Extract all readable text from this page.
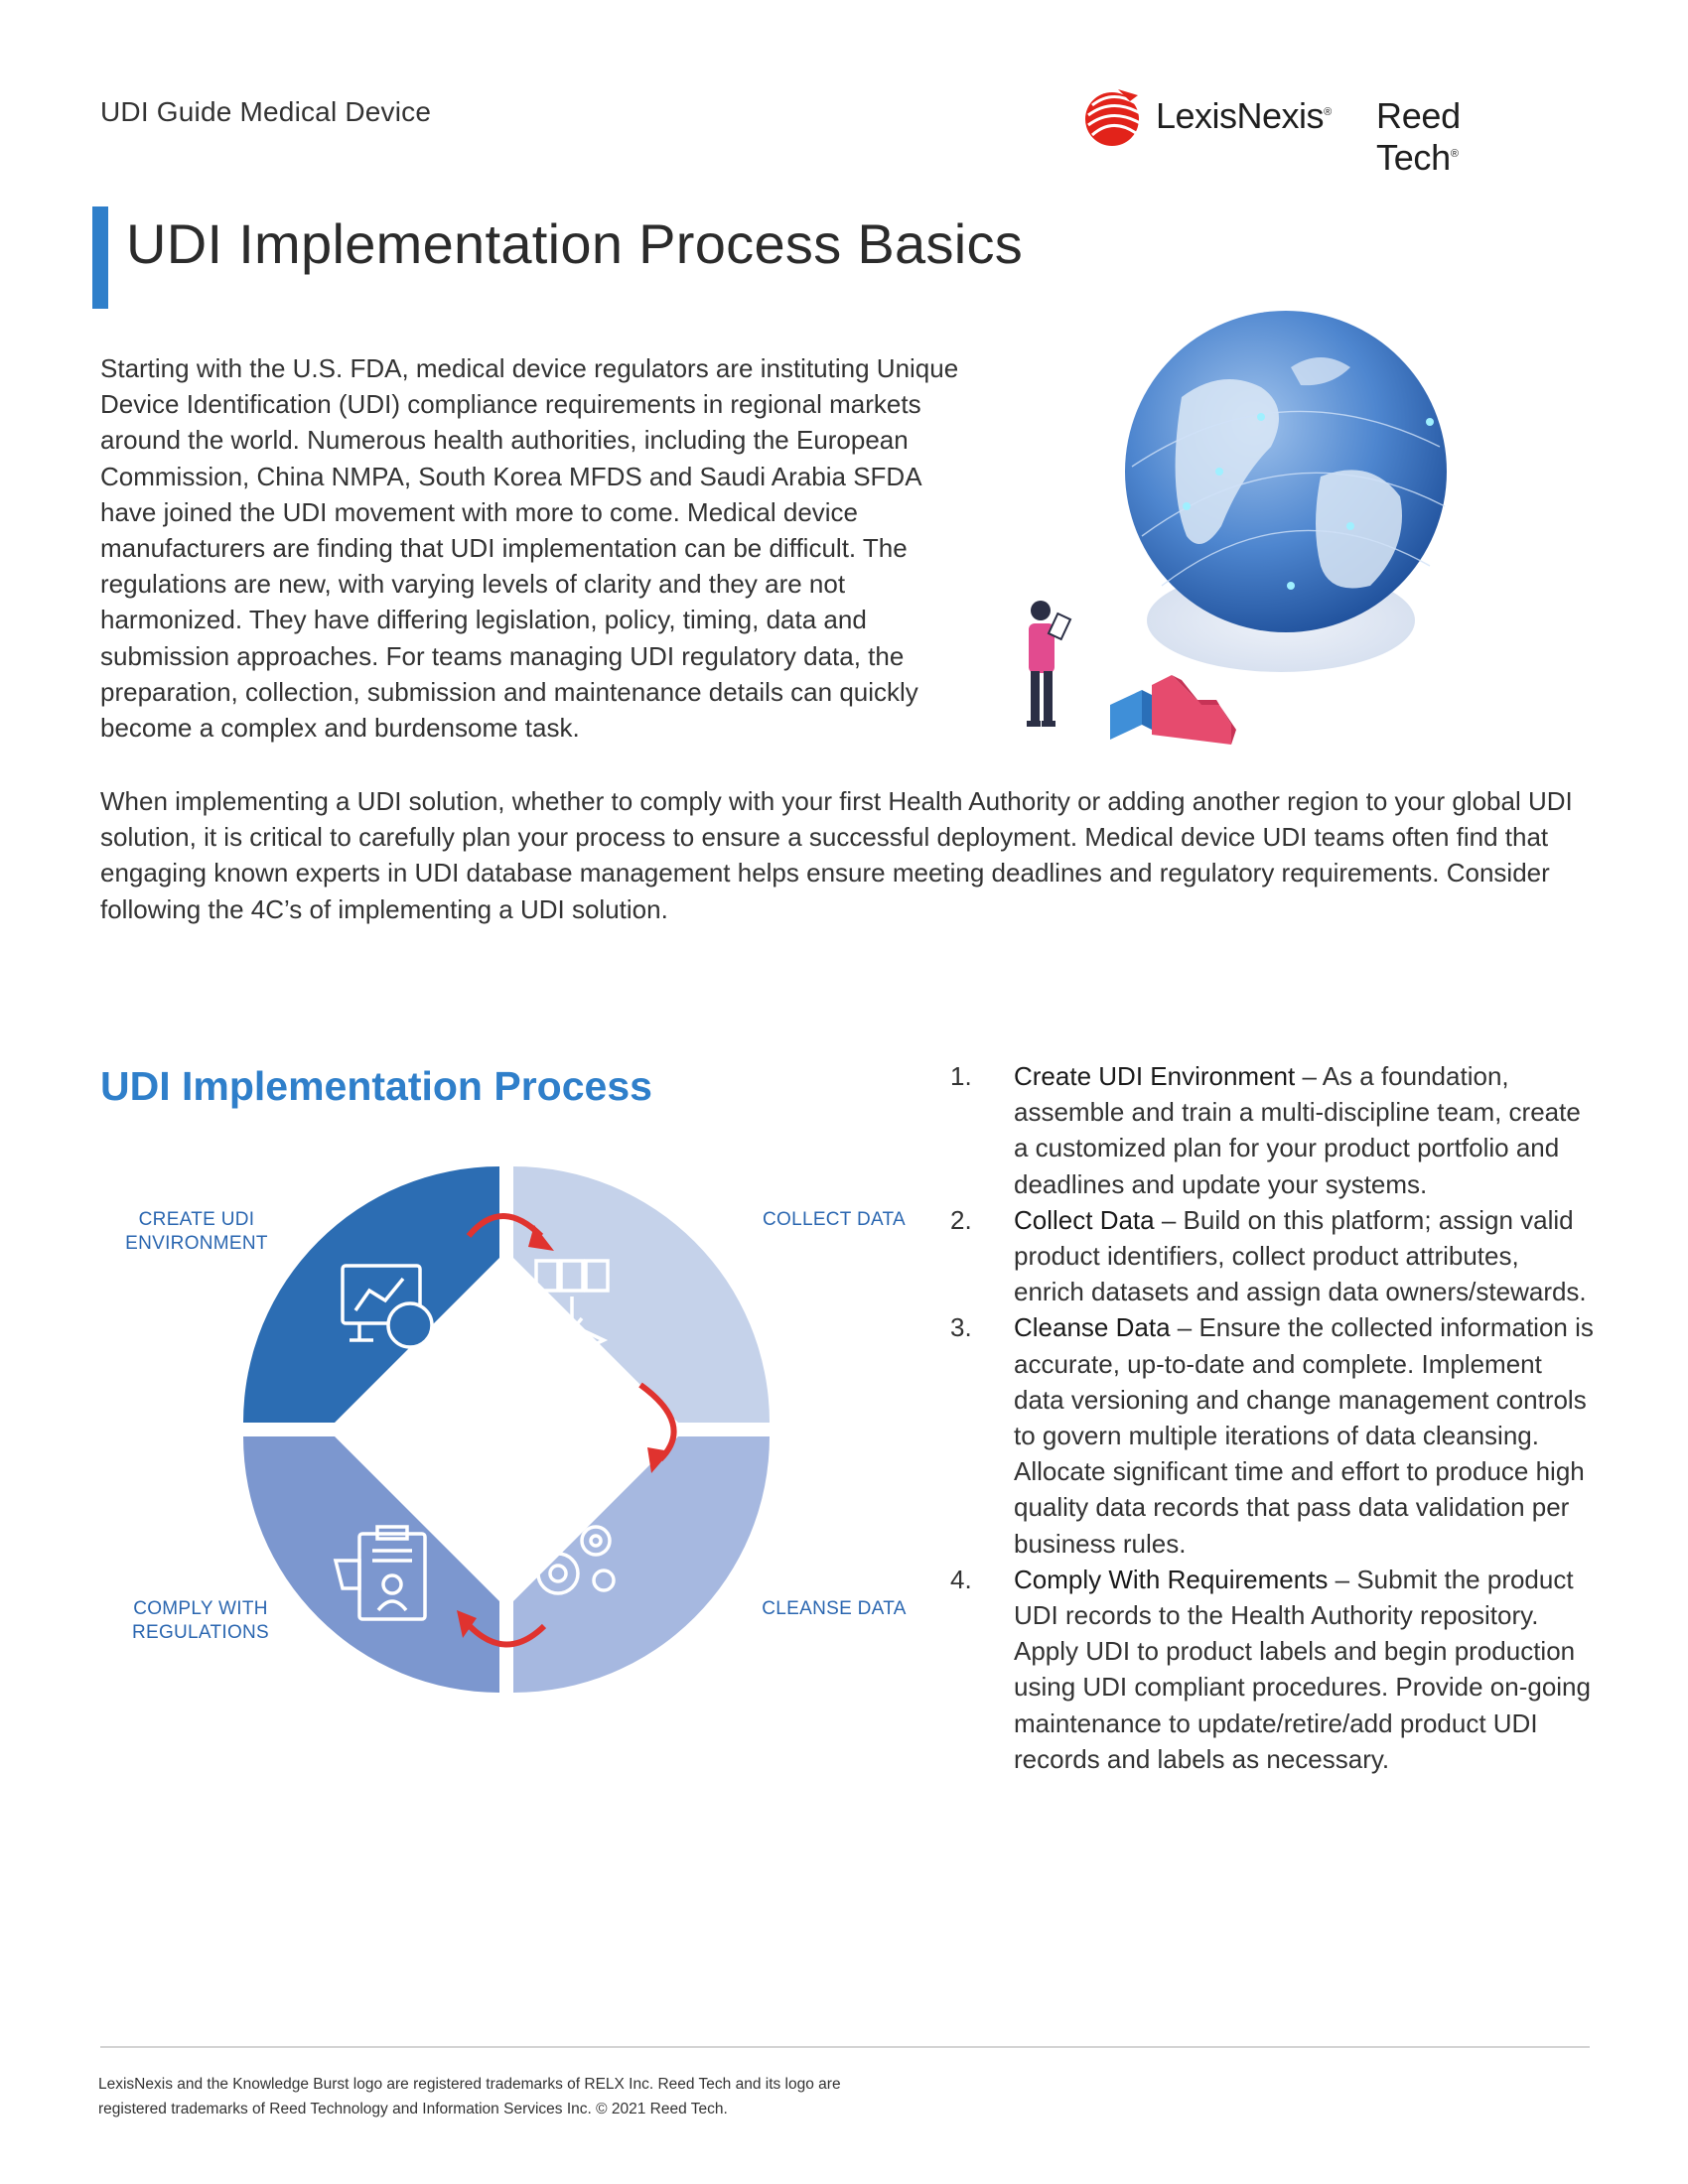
UDI Guide Medical Device	LexisNexis® Reed Tech®
UDI Implementation Process Basics

Starting with the U.S. FDA, medical device regulators are instituting Unique Device Identification (UDI) compliance requirements in regional markets around the world. Numerous health authorities, including the European Commission, China NMPA, South Korea MFDS and Saudi Arabia SFDA have joined the UDI movement with more to come. Medical device manufacturers are finding that UDI implementation can be difficult. The regulations are new, with varying levels of clarity and they are not harmonized. They have differing legislation, policy, timing, data and submission approaches. For teams managing UDI regulatory data, the preparation, collection, submission and maintenance details can quickly become a complex and burdensome task.

When implementing a UDI solution, whether to comply with your first Health Authority or adding another region to your global UDI solution, it is critical to carefully plan your process to ensure a successful deployment. Medical device UDI teams often find that engaging known experts in UDI database management helps ensure meeting deadlines and regulatory requirements. Consider following the 4C’s of implementing a UDI solution.

UDI Implementation Process
CREATE UDI
ENVIRONMENT
COLLECT DATA
CLEANSE DATA
COMPLY WITH
REGULATIONS
1. Create UDI Environment – As a foundation, assemble and train a multi-discipline team, create a customized plan for your product portfolio and deadlines and update your systems.
2. Collect Data – Build on this platform; assign valid product identifiers, collect product attributes, enrich datasets and assign data owners/stewards.
3. Cleanse Data – Ensure the collected information is accurate, up-to-date and complete. Implement data versioning and change management controls to govern multiple iterations of data cleansing. Allocate significant time and effort to produce high quality data records that pass data validation per business rules.
4. Comply With Requirements – Submit the product UDI records to the Health Authority repository. Apply UDI to product labels and begin production using UDI compliant procedures. Provide on-going maintenance to update/retire/add product UDI records and labels as necessary.
LexisNexis and the Knowledge Burst logo are registered trademarks of RELX Inc. Reed Tech and its logo are
registered trademarks of Reed Technology and Information Services Inc. © 2021 Reed Tech.
